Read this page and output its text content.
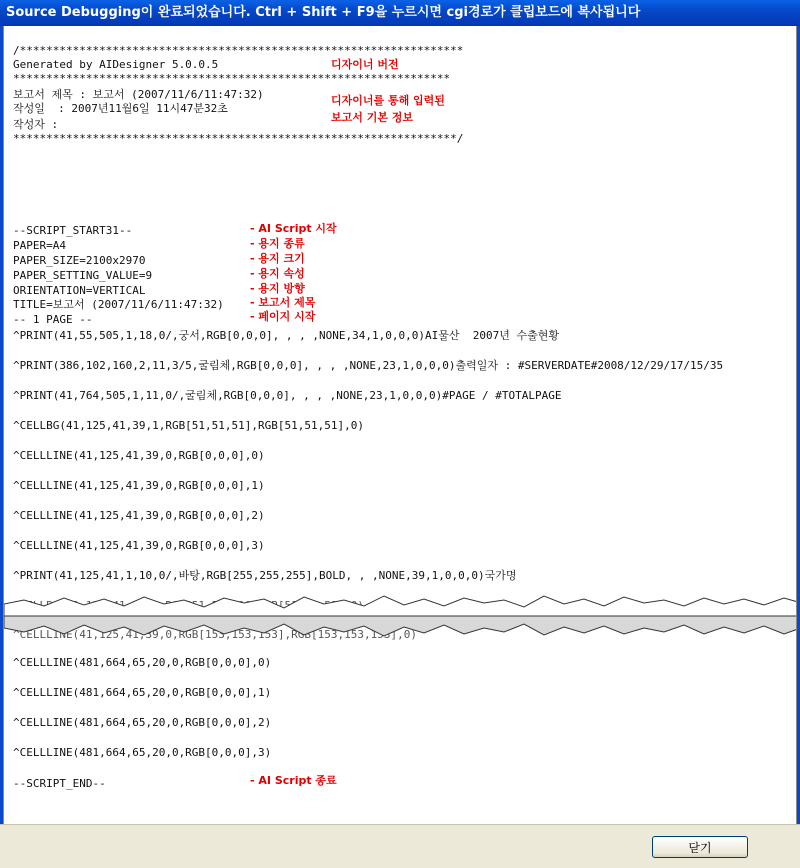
Source Debugging이 완료되었습니다. Ctrl + Shift + F9을 누르시면 cgi경로가 클립보드에 복사됩니다
/*******************************************************************
Generated by AIDesigner 5.0.0.5	디자이너 버전
******************************************************************
보고서 제목 : 보고서 (2007/11/6/11:47:32)	디자이너를 통해 입력된
작성일  : 2007년11월6일 11시47분32초
보고서 기본 정보
작성자 :
*******************************************************************/
--SCRIPT_START31--	- AI Script 시작
PAPER=A4	- 용지 종류
PAPER_SIZE=2100x2970	- 용지 크기
PAPER_SETTING_VALUE=9	- 용지 속성
ORIENTATION=VERTICAL	- 용지 방향
TITLE=보고서 (2007/11/6/11:47:32) - 보고서 제목
-- 1 PAGE --	- 페이지 시작
^PRINT(41,55,505,1,18,0/,궁서,RGB[0,0,0], , , ,NONE,34,1,0,0,0)AI물산  2007년 수출현황
^PRINT(386,102,160,2,11,3/5,굴림체,RGB[0,0,0], , , ,NONE,23,1,0,0,0)출력일자 : #SERVERDATE#2008/12/29/17/15/35
^PRINT(41,764,505,1,11,0/,굴림체,RGB[0,0,0], , , ,NONE,23,1,0,0,0)#PAGE / #TOTALPAGE
^CELLBG(41,125,41,39,1,RGB[51,51,51],RGB[51,51,51],0)
^CELLLINE(41,125,41,39,0,RGB[0,0,0],0)
^CELLLINE(41,125,41,39,0,RGB[0,0,0],1)
^CELLLINE(41,125,41,39,0,RGB[0,0,0],2)
^CELLLINE(41,125,41,39,0,RGB[0,0,0],3)
^PRINT(41,125,41,1,10,0/,바탕,RGB[255,255,255],BOLD, , ,NONE,39,1,0,0,0)국가명
^CELLLINE(41,125,41,39,0,RGB[153,153,153],RGB[153,153,153],0)
^CELLLINE(481,664,65,20,0,RGB[0,0,0],0)
^CELLLINE(481,664,65,20,0,RGB[0,0,0],1)
^CELLLINE(481,664,65,20,0,RGB[0,0,0],2)
^CELLLINE(481,664,65,20,0,RGB[0,0,0],3)
--SCRIPT_END--	- AI Script 종료
닫기
